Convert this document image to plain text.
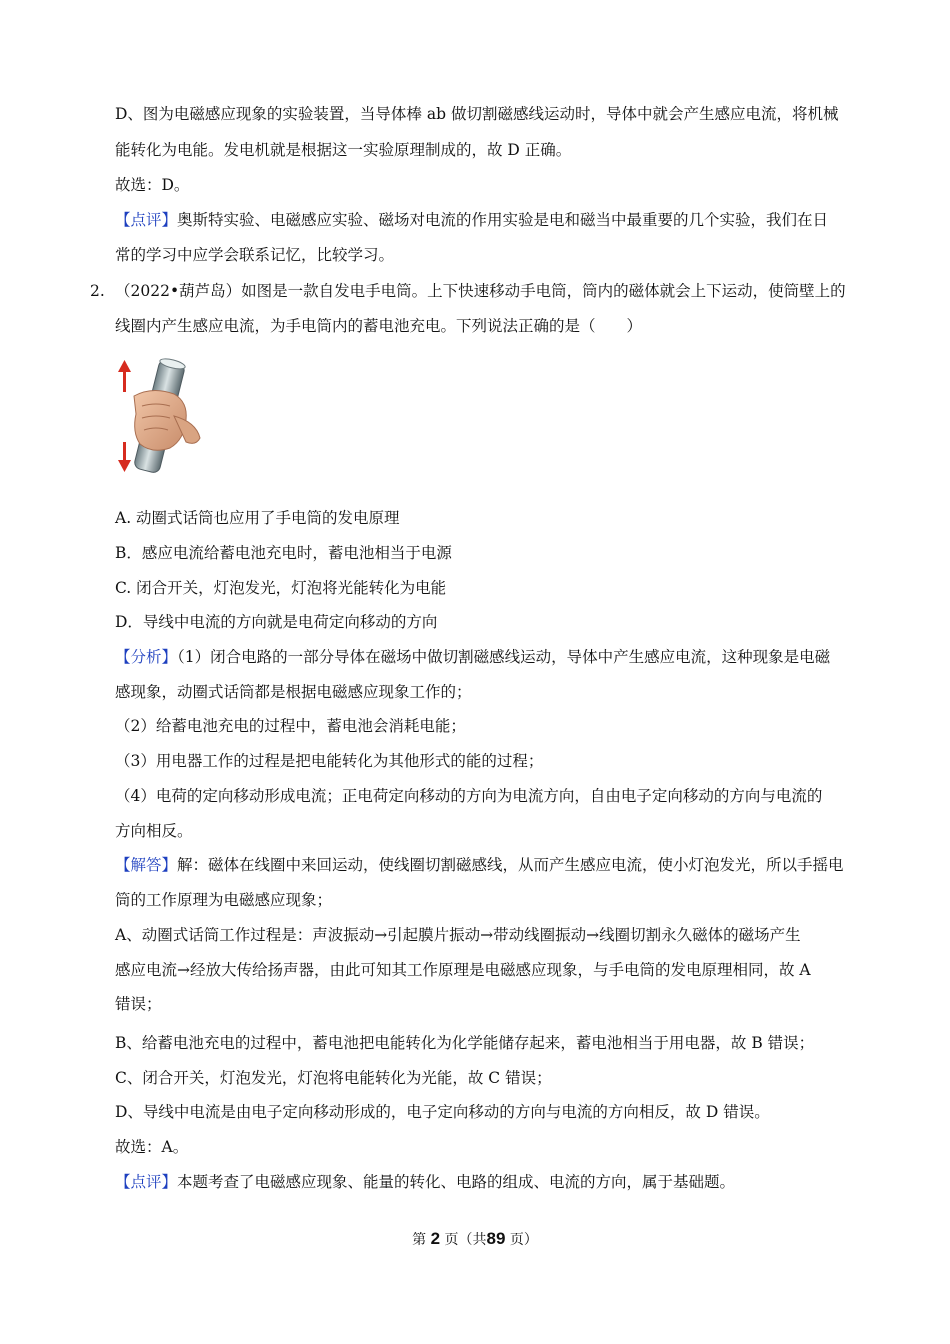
D、图为电磁感应现象的实验装置，当导体棒 ab 做切割磁感线运动时，导体中就会产生感应电流，将机械
能转化为电能。发电机就是根据这一实验原理制成的，故 D 正确。
故选：D。
【点评】奥斯特实验、电磁感应实验、磁场对电流的作用实验是电和磁当中最重要的几个实验，我们在日
常的学习中应学会联系记忆，比较学习。
2. （2022•葫芦岛）如图是一款自发电手电筒。上下快速移动手电筒，筒内的磁体就会上下运动，使筒壁上的
线圈内产生感应电流，为手电筒内的蓄电池充电。下列说法正确的是（　　）
A. 动圈式话筒也应用了手电筒的发电原理
B．感应电流给蓄电池充电时，蓄电池相当于电源
C. 闭合开关，灯泡发光，灯泡将光能转化为电能
D．导线中电流的方向就是电荷定向移动的方向
【分析】（1）闭合电路的一部分导体在磁场中做切割磁感线运动，导体中产生感应电流，这种现象是电磁
感现象，动圈式话筒都是根据电磁感应现象工作的；
（2）给蓄电池充电的过程中，蓄电池会消耗电能；
（3）用电器工作的过程是把电能转化为其他形式的能的过程；
（4）电荷的定向移动形成电流；正电荷定向移动的方向为电流方向，自由电子定向移动的方向与电流的
方向相反。
【解答】解：磁体在线圈中来回运动，使线圈切割磁感线，从而产生感应电流，使小灯泡发光，所以手摇电
筒的工作原理为电磁感应现象；
A、动圈式话筒工作过程是：声波振动→引起膜片振动→带动线圈振动→线圈切割永久磁体的磁场产生
感应电流→经放大传给扬声器，由此可知其工作原理是电磁感应现象，与手电筒的发电原理相同，故 A
错误；
B、给蓄电池充电的过程中，蓄电池把电能转化为化学能储存起来，蓄电池相当于用电器，故 B 错误；
C、闭合开关，灯泡发光，灯泡将电能转化为光能，故 C 错误；
D、导线中电流是由电子定向移动形成的，电子定向移动的方向与电流的方向相反，故 D 错误。
故选：A。
【点评】本题考查了电磁感应现象、能量的转化、电路的组成、电流的方向，属于基础题。
第 2 页（共89 页）
